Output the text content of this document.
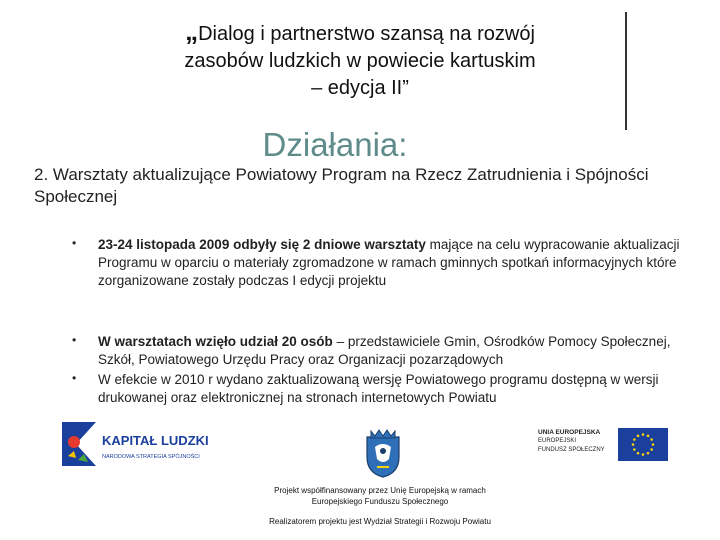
„Dialog i partnerstwo szansą na rozwój
zasobów ludzkich w powiecie kartuskim
– edycja II”
Działania:
2. Warsztaty aktualizujące Powiatowy Program na Rzecz Zatrudnienia i Spójności Społecznej
• 23-24 listopada 2009 odbyły się 2 dniowe warsztaty mające na celu wypracowanie aktualizacji Programu w oparciu o materiały zgromadzone w ramach gminnych spotkań informacyjnych które zorganizowane zostały podczas I edycji projektu
• W warsztatach wzięło udział 20 osób – przedstawiciele Gmin, Ośrodków Pomocy Społecznej, Szkół, Powiatowego Urzędu Pracy oraz Organizacji pozarządowych
• W efekcie w 2010 r wydano zaktualizowaną wersję Powiatowego programu dostępną w wersji drukowanej oraz elektronicznej na stronach internetowych Powiatu
KAPITAŁ LUDZKI
NARODOWA STRATEGIA SPÓJNOŚCI
UNIA EUROPEJSKA
EUROPEJSKI
FUNDUSZ SPOŁECZNY
Projekt współfinansowany przez Unię Europejską w ramach
Europejskiego Funduszu Społecznego
Realizatorem projektu jest Wydział Strategii i Rozwoju Powiatu
